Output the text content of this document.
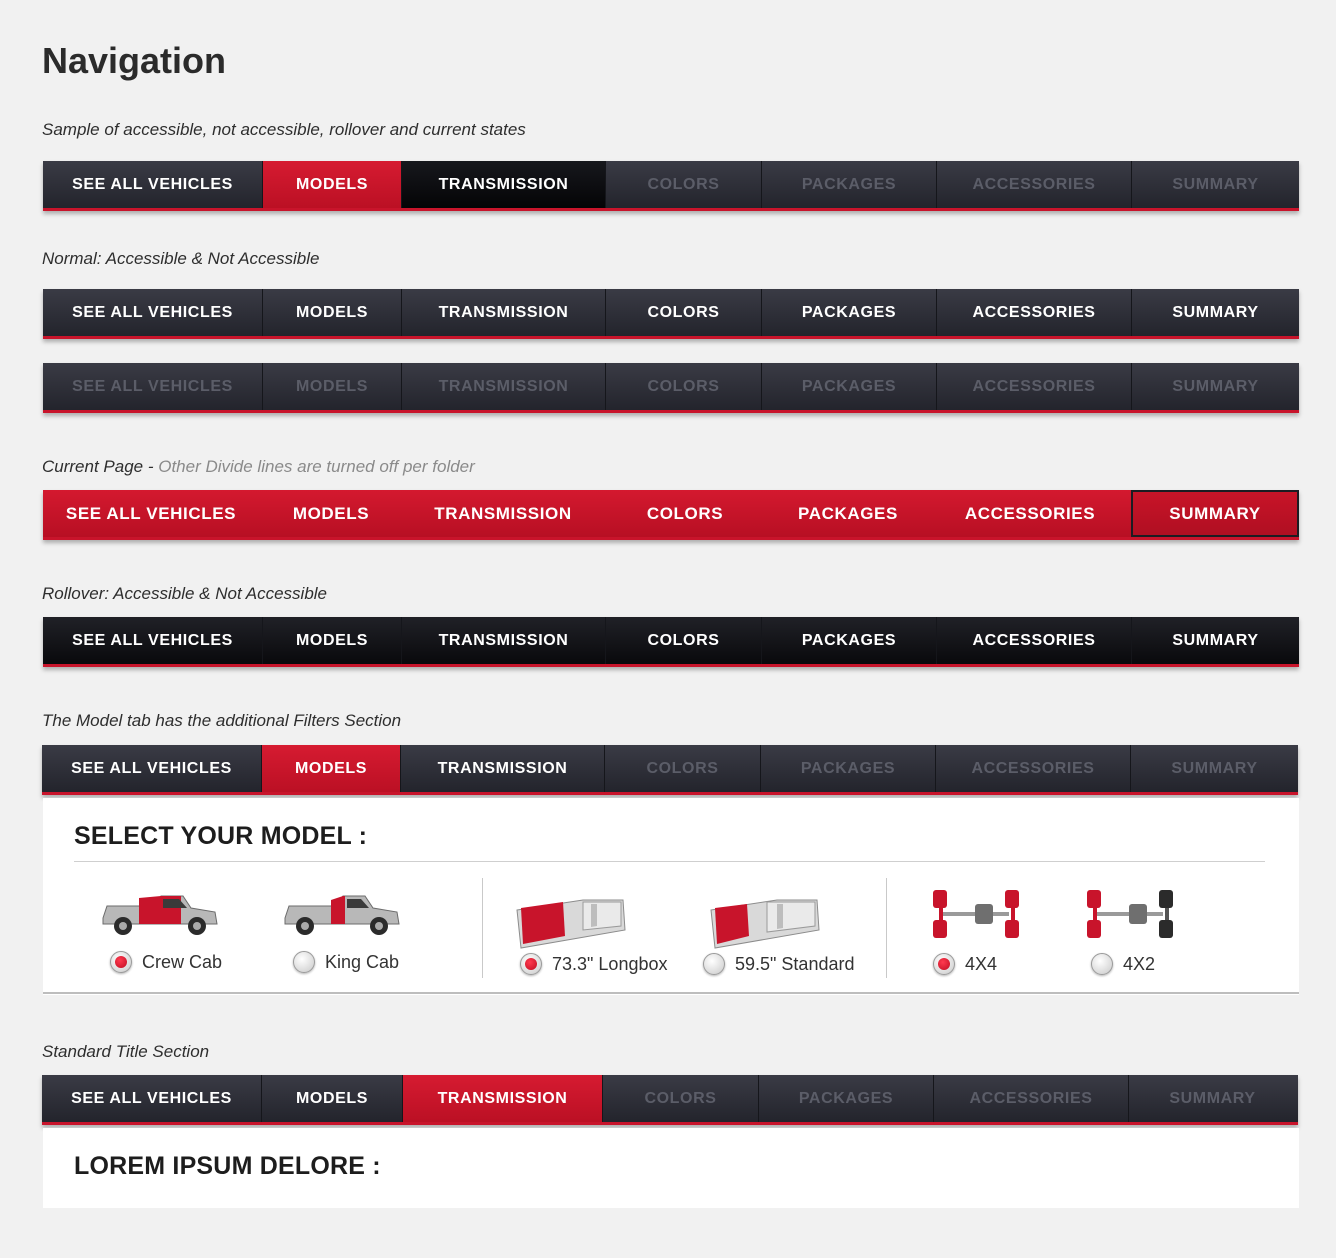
Navigation
Sample of accessible, not accessible, rollover and current states
SEE ALL VEHICLES	MODELS	TRANSMISSION	COLORS	PACKAGES	ACCESSORIES	SUMMARY
Normal: Accessible & Not Accessible
SEE ALL VEHICLES	MODELS	TRANSMISSION	COLORS	PACKAGES	ACCESSORIES	SUMMARY
SEE ALL VEHICLES	MODELS	TRANSMISSION	COLORS	PACKAGES	ACCESSORIES	SUMMARY
Current Page - Other Divide lines are turned off per folder
SEE ALL VEHICLES	MODELS	TRANSMISSION	COLORS	PACKAGES	ACCESSORIES	SUMMARY
Rollover: Accessible & Not Accessible
SEE ALL VEHICLES	MODELS	TRANSMISSION	COLORS	PACKAGES	ACCESSORIES	SUMMARY
The Model tab has the additional Filters Section
SEE ALL VEHICLES	MODELS	TRANSMISSION	COLORS	PACKAGES	ACCESSORIES	SUMMARY
SELECT YOUR MODEL :
Crew Cab	King Cab	73.3" Longbox	59.5" Standard	4X4	4X2
Standard Title Section
SEE ALL VEHICLES	MODELS	TRANSMISSION	COLORS	PACKAGES	ACCESSORIES	SUMMARY
LOREM IPSUM DELORE :
